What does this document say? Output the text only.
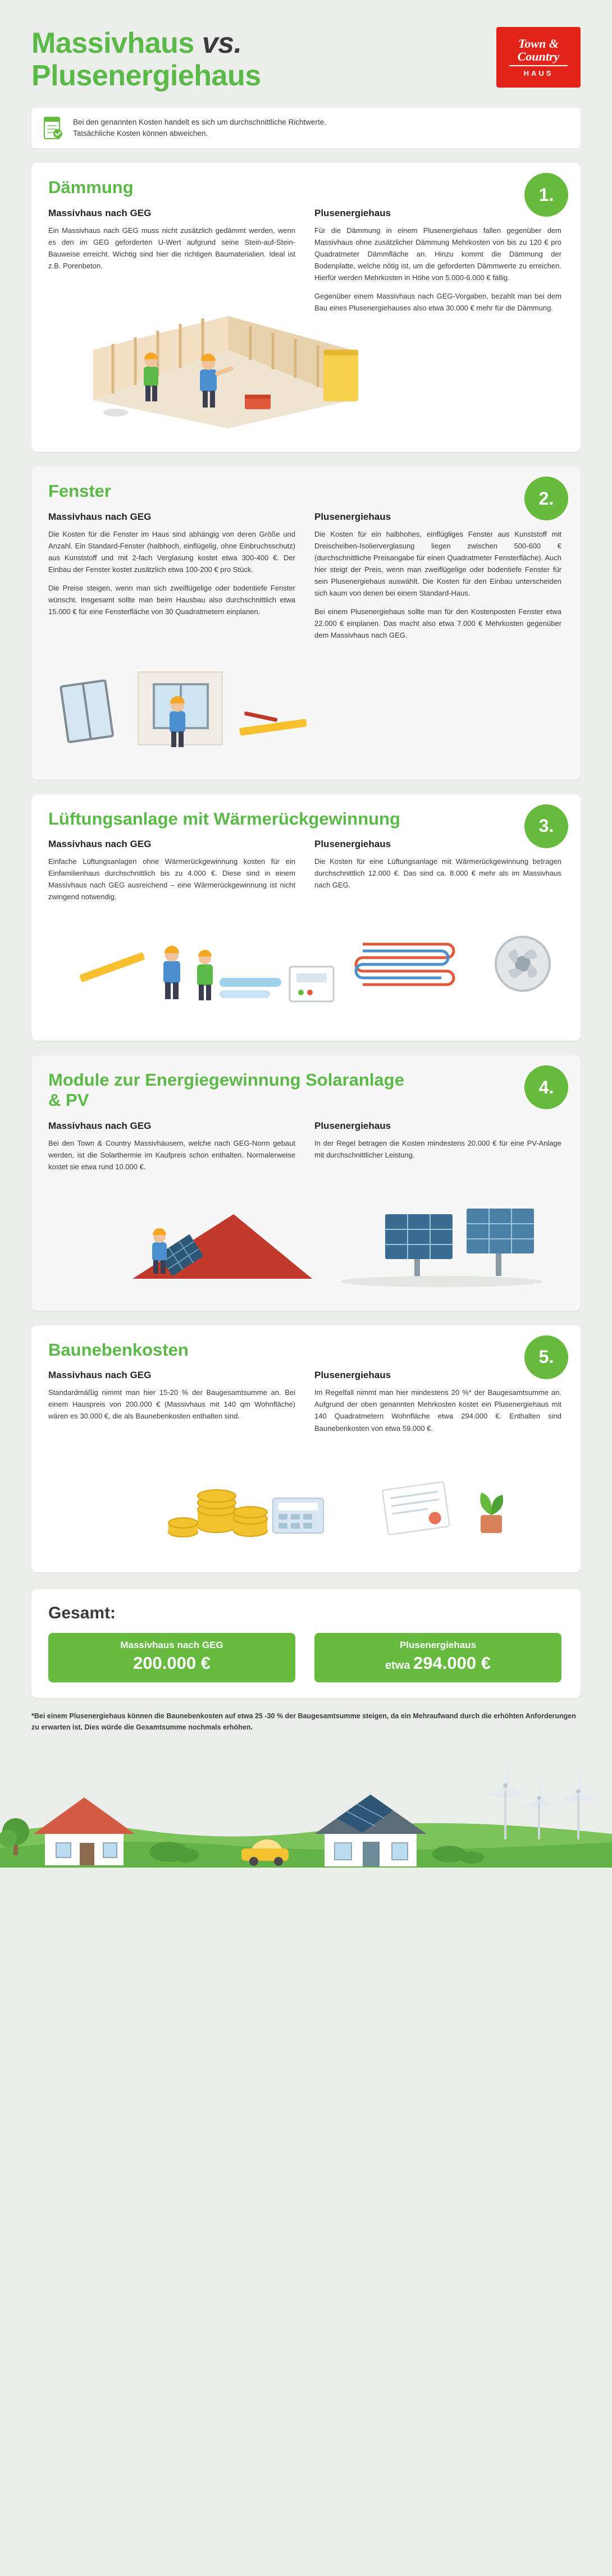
Massivhaus vs.
Plusenergiehaus
Town &
Country
HAUS
Bei den genannten Kosten handelt es sich um durchschnittliche Richtwerte.
Tatsächliche Kosten können abweichen.
1.
Dämmung
Massivhaus nach GEG

Ein Massivhaus nach GEG muss nicht zusätzlich gedämmt werden, wenn es den im GEG geforderten U-Wert aufgrund seine Stein-auf-Stein-Bauweise erreicht. Wichtig sind hier die richtigen Baumaterialien. Ideal ist z.B. Porenbeton.

Plusenergiehaus

Für die Dämmung in einem Plusenergiehaus fallen gegenüber dem Massivhaus ohne zusätzlicher Dämmung Mehrkosten von bis zu 120 € pro Quadratmeter Dämmfläche an. Hinzu kommt die Dämmung der Bodenplatte, welche nötig ist, um die geforderten Dämmwerte zu erreichen. Hierfür werden Mehrkosten in Höhe von 5.000-6.000 € fällig.

Gegenüber einem Massivhaus nach GEG-Vorgaben, bezahlt man bei dem Bau eines Plusenergiehauses also etwa 30.000 € mehr für die Dämmung.

2.
Fenster
Massivhaus nach GEG

Die Kosten für die Fenster im Haus sind abhängig von deren Größe und Anzahl. Ein Standard-Fenster (halbhoch, einflügelig, ohne Einbruchsschutz) aus Kunststoff und mit 2-fach Verglasung kostet etwa 300-400 €. Der Einbau der Fenster kostet zusätzlich etwa 100-200 € pro Stück.

Die Preise steigen, wenn man sich zweiflügelige oder bodentiefe Fenster wünscht. Insgesamt sollte man beim Hausbau also durchschnittlich etwa 15.000 € für eine Fensterfläche von 30 Quadratmetern einplanen.

Plusenergiehaus

Die Kosten für ein halbhohes, einflügliges Fenster aus Kunststoff mit Dreischeiben-Isolierverglasung liegen zwischen 500-600 € (durchschnittliche Preisangabe für einen Quadratmeter Fensterfläche). Auch hier steigt der Preis, wenn man zweiflügelige oder bodentiefe Fenster für sein Plusenergiehaus auswählt. Die Kosten für den Einbau unterscheiden sich kaum von denen bei einem Standard-Haus.

Bei einem Plusenergiehaus sollte man für den Kostenposten Fenster etwa 22.000 € einplanen. Das macht also etwa 7.000 € Mehrkosten gegenüber dem Massivhaus nach GEG.

3.
Lüftungsanlage mit Wärmerückgewinnung
Massivhaus nach GEG

Einfache Lüftungsanlagen ohne Wärmerückgewinnung kosten für ein Einfamilienhaus durchschnittlich bis zu 4.000 €. Diese sind in einem Massivhaus nach GEG ausreichend – eine Wärmerückgewinnung ist nicht zwingend notwendig.

Plusenergiehaus

Die Kosten für eine Lüftungsanlage mit Wärmerückgewinnung betragen durchschnittlich 12.000 €. Das sind ca. 8.000 € mehr als im Massivhaus nach GEG.

4.
Module zur Energiegewinnung Solaranlage & PV
Massivhaus nach GEG

Bei den Town & Country Massivhäusern, welche nach GEG-Norm gebaut werden, ist die Solarthermie im Kaufpreis schon enthalten. Normalerweise kostet sie etwa rund 10.000 €.

Plusenergiehaus

In der Regel betragen die Kosten mindestens 20.000 € für eine PV-Anlage mit durchschnittlicher Leistung.

5.
Baunebenkosten
Massivhaus nach GEG

Standardmäßig nimmt man hier 15-20 % der Baugesamtsumme an. Bei einem Hauspreis von 200.000 € (Massivhaus mit 140 qm Wohnfläche) wären es 30.000 €, die als Baunebenkosten enthalten sind.

Plusenergiehaus

Im Regelfall nimmt man hier mindestens 20 %* der Baugesamtsumme an. Aufgrund der oben genannten Mehrkosten kostet ein Plusenergiehaus mit 140 Quadratmetern Wohnfläche etwa 294.000 €. Enthalten sind Baunebenkosten von etwa 59.000 €.

Gesamt:
Massivhaus nach GEG
200.000 €
Plusenergiehaus
etwa 294.000 €
*Bei einem Plusenergiehaus können die Baunebenkosten auf etwa 25 -30 % der Baugesamtsumme steigen, da ein Mehraufwand durch die erhöhten Anforderungen zu erwarten ist. Dies würde die Gesamtsumme nochmals erhöhen.
